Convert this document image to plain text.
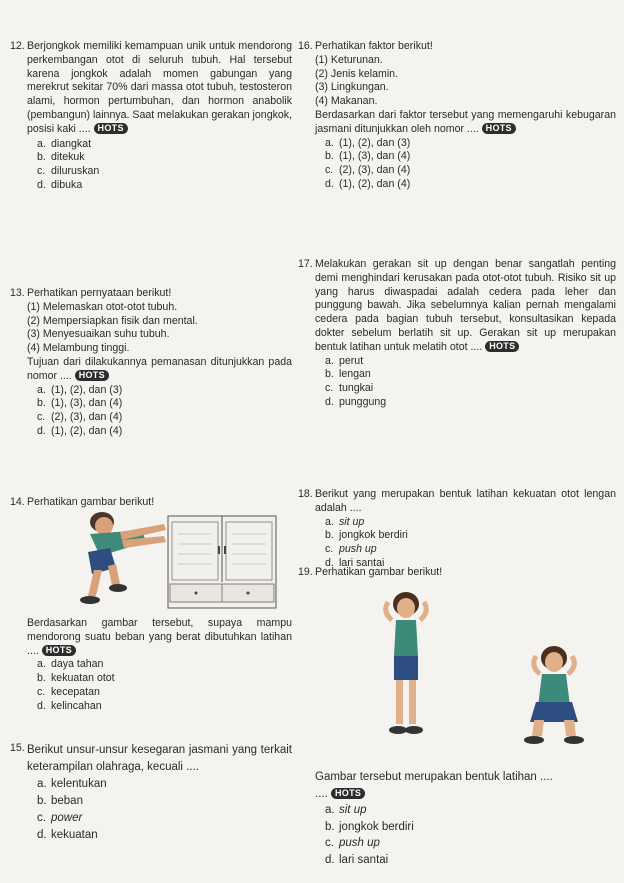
12. Berjongkok memiliki kemampuan unik untuk mendorong perkembangan otot di seluruh tubuh. Hal tersebut karena jongkok adalah momen gabungan yang merekrut sekitar 70% dari massa otot tubuh, testosteron alami, hormon pertumbuhan, dan hormon anabolik (pembangun) lainnya. Saat melakukan gerakan jongkok, posisi kaki .... HOTS
a. diangkat
b. ditekuk
c. diluruskan
d. dibuka
13. Perhatikan pernyataan berikut!
(1) Melemaskan otot-otot tubuh.
(2) Mempersiapkan fisik dan mental.
(3) Menyesuaikan suhu tubuh.
(4) Melambung tinggi.
Tujuan dari dilakukannya pemanasan ditunjukkan pada nomor .... HOTS
a. (1), (2), dan (3)
b. (1), (3), dan (4)
c. (2), (3), dan (4)
d. (1), (2), dan (4)
14. Perhatikan gambar berikut!
Berdasarkan gambar tersebut, supaya mampu mendorong suatu beban yang berat dibutuhkan latihan .... HOTS
a. daya tahan
b. kekuatan otot
c. kecepatan
d. kelincahan
15. Berikut unsur-unsur kesegaran jasmani yang terkait keterampilan olahraga, kecuali ....
a. kelentukan
b. beban
c. power
d. kekuatan
16. Perhatikan faktor berikut!
(1) Keturunan.
(2) Jenis kelamin.
(3) Lingkungan.
(4) Makanan.
Berdasarkan dari faktor tersebut yang memengaruhi kebugaran jasmani ditunjukkan oleh nomor .... HOTS
a. (1), (2), dan (3)
b. (1), (3), dan (4)
c. (2), (3), dan (4)
d. (1), (2), dan (4)
17. Melakukan gerakan sit up dengan benar sangatlah penting demi menghindari kerusakan pada otot-otot tubuh. Risiko sit up yang harus diwaspadai adalah cedera pada leher dan punggung bawah. Jika sebelumnya kalian pernah mengalami cedera pada bagian tubuh tersebut, konsultasikan kepada dokter sebelum berlatih sit up. Gerakan sit up merupakan bentuk latihan untuk melatih otot .... HOTS
a. perut
b. lengan
c. tungkai
d. punggung
18. Berikut yang merupakan bentuk latihan kekuatan otot lengan adalah ....
a. sit up
b. jongkok berdiri
c. push up
d. lari santai
19. Perhatikan gambar berikut!
Gambar tersebut merupakan bentuk latihan ....
.... HOTS
a. sit up
b. jongkok berdiri
c. push up
d. lari santai
